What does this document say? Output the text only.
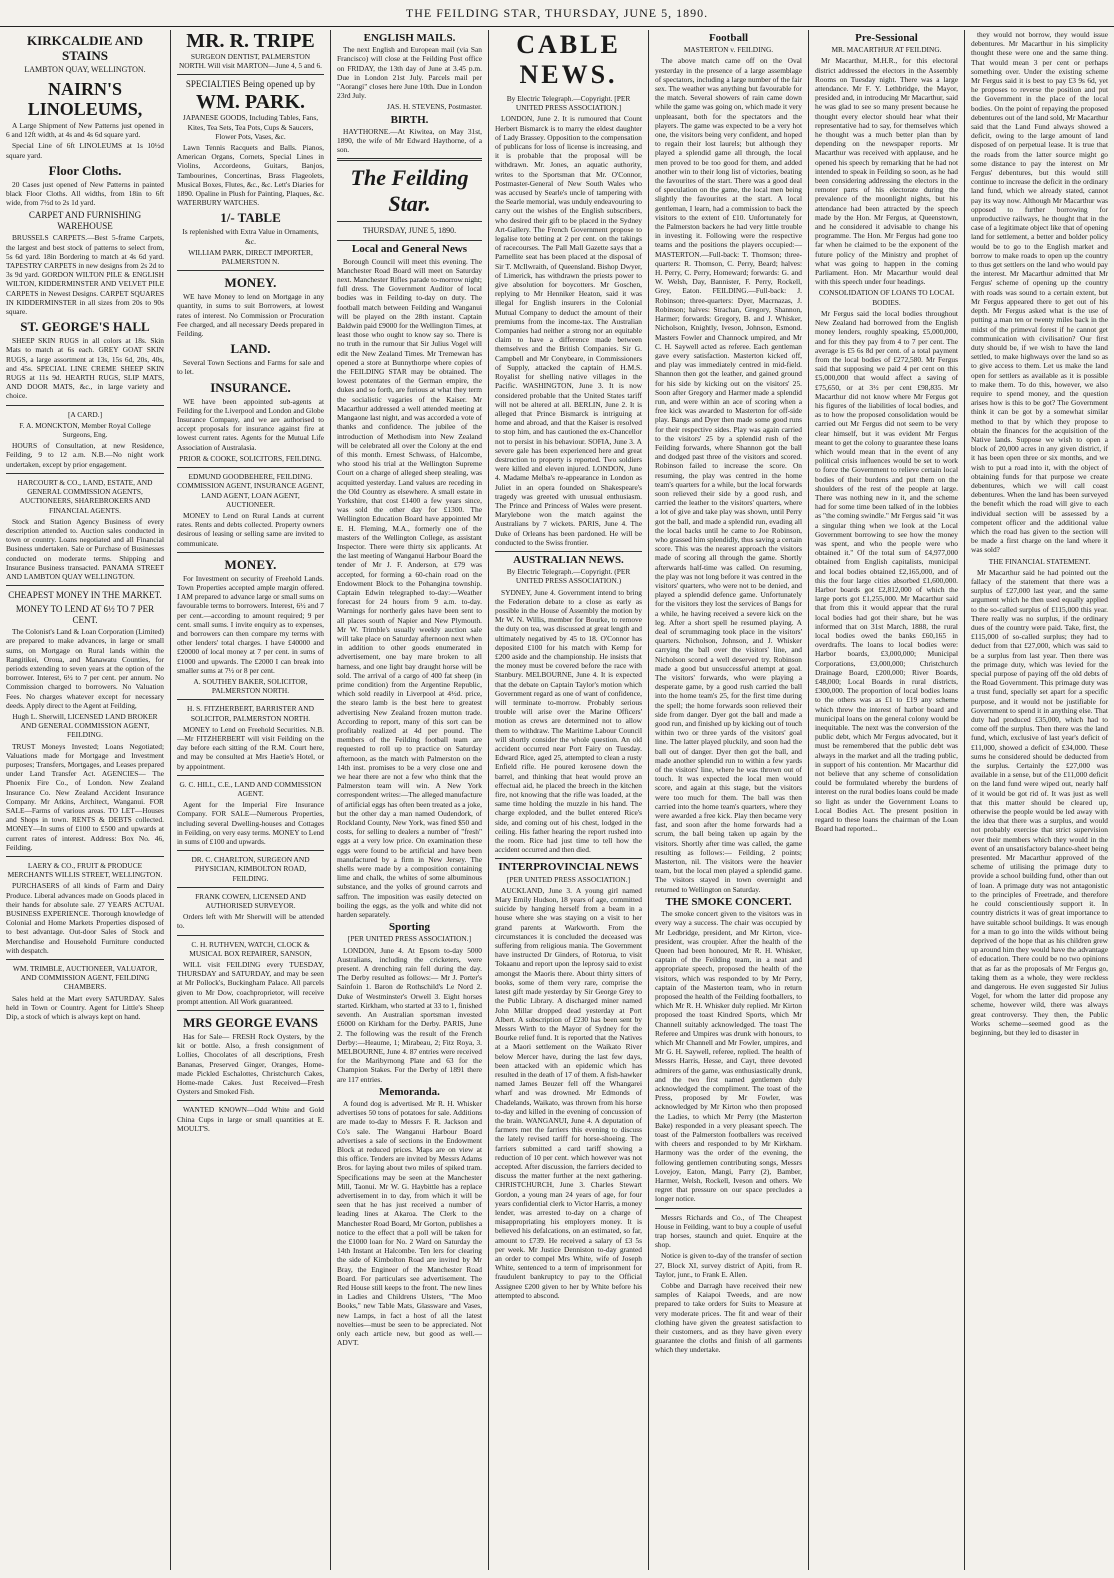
THE FEILDING STAR, THURSDAY, JUNE 5, 1890.
KIRKCALDIE AND STAINS
LAMBTON QUAY, WELLINGTON.
NAIRN'S LINOLEUMS,

A Large Shipment of New Patterns just opened in 6 and 12ft width, at 4s and 4s 6d square yard.

Special Line of 6ft LINOLEUMS at 1s 10½d square yard.

Floor Cloths.

20 Cases just opened of New Patterns in painted black Floor Cloths. All widths, from 18in to 6ft wide, from 7½d to 2s 1d yard.

CARPET AND FURNISHING WAREHOUSE

BRUSSELS CARPETS.—Best 5-frame Carpets, the largest and best stock of patterns to select from, 5s 6d yard. 18in Bordering to match at 4s 6d yard. TAPESTRY CARPETS in new designs from 2s 2d to 3s 9d yard. GORDON WILTON PILE & ENGLISH WILTON, KIDDERMINSTER AND VELVET PILE CARPETS in Newest Designs. CARPET SQUARES IN KIDDERMINSTER in all sizes from 20s to 90s square.

ST. GEORGE'S HALL

SHEEP SKIN RUGS in all colors at 18s. Skin Mats to match at 6s each. GREY GOAT SKIN RUGS, a large assortment at 13s, 15s 6d, 20s, 40s, and 45s. SPECIAL LINE CREME SHEEP SKIN RUGS at 11s 9d. HEARTH RUGS, SLIP MATS, AND DOOR MATS, &c., in large variety and choice.

[A CARD.]

F. A. MONCKTON, Member Royal College Surgeons, Eng.

HOURS of Consultation, at new Residence, Feilding, 9 to 12 a.m. N.B.—No night work undertaken, except by prior engagement.

HARCOURT & CO., LAND, ESTATE, AND GENERAL COMMISSION AGENTS, AUCTIONEERS, SHAREBROKERS AND FINANCIAL AGENTS.

Stock and Station Agency Business of every description attended to. Auction sales conducted in town or country. Loans negotiated and all Financial Business undertaken. Sale or Purchase of Businesses conducted on moderate terms. Shipping and Insurance Business transacted. PANAMA STREET AND LAMBTON QUAY WELLINGTON.

CHEAPEST MONEY IN THE MARKET.
MONEY TO LEND AT 6½ TO 7 PER CENT.

The Colonist's Land & Loan Corporation (Limited) are prepared to make advances, in large or small sums, on Mortgage on Rural lands within the Rangitikei, Oroua, and Manawatu Counties, for periods extending to seven years at the option of the borrower. Interest, 6½ to 7 per cent. per annum. No Commission charged to borrowers. No Valuation Fees. No charges whatever except for necessary deeds. Apply direct to the Agent at Feilding,

Hugh L. Sherwill, LICENSED LAND BROKER AND GENERAL COMMISSION AGENT, FEILDING.

TRUST Moneys Invested; Loans Negotiated; Valuations made for Mortgage and Investment purposes; Transfers, Mortgages, and Leases prepared under Land Transfer Act. AGENCIES— The Phoenix Fire Co., of London. New Zealand Insurance Co. New Zealand Accident Insurance Company. Mr Atkins, Architect, Wanganui. FOR SALE—Farms of various areas. TO LET—Houses and Shops in town. RENTS & DEBTS collected. MONEY—In sums of £100 to £500 and upwards at current rates of interest. Address: Box No. 46, Feilding.

LAERY & CO., FRUIT & PRODUCE MERCHANTS WILLIS STREET, WELLINGTON.

PURCHASERS of all kinds of Farm and Dairy Produce. Liberal advances made on Goods placed in their hands for absolute sale. 27 YEARS ACTUAL BUSINESS EXPERIENCE. Thorough knowledge of Colonial and Home Markets Properties disposed of to best advantage. Out-door Sales of Stock and Merchandise and Household Furniture conducted with despatch.

WM. TRIMBLE, AUCTIONEER, VALUATOR, AND COMMISSION AGENT, FEILDING CHAMBERS.

Sales held at the Mart every SATURDAY. Sales held in Town or Country. Agent for Little's Sheep Dip, a stock of which is always kept on hand.

MR. R. TRIPE

SURGEON DENTIST, PALMERSTON NORTH. Will visit MARTON—June 4, 5 and 6.

SPECIALTIES Being opened up by
WM. PARK.

JAPANESE GOODS, Including Tables, Fans, Kites, Tea Sets, Tea Pots, Cups & Saucers, Flower Pots, Vases, &c.

Lawn Tennis Racquets and Balls. Pianos, American Organs, Cornets, Special Lines in Violins, Accordeons, Guitars, Banjos, Tambourines, Concertinas, Brass Flageolets, Musical Boxes, Flutes, &c., &c. Lett's Diaries for 1890. Opaline in Plush for Painting, Plaques, &c. WATERBURY WATCHES.

1/- TABLE

Is replenished with Extra Value in Ornaments, &c.

WILLIAM PARK, DIRECT IMPORTER, PALMERSTON N.

MONEY.

WE have Money to lend on Mortgage in any quantity, in sums to suit Borrowers, at lowest rates of interest. No Commission or Procuration Fee charged, and all necessary Deeds prepared in Feilding.

LAND.

Several Town Sections and Farms for sale and to let.

INSURANCE.

WE have been appointed sub-agents at Feilding for the Liverpool and London and Globe Insurance Company, and we are authorised to accept proposals for insurance against fire at lowest current rates. Agents for the Mutual Life Association of Australasia.

PRIOR & COOKE, SOLICITORS, FEILDING.

EDMUND GOODBEHERE, FEILDING. COMMISSION AGENT, INSURANCE AGENT, LAND AGENT, LOAN AGENT, AUCTIONEER.

MONEY to Lend on Rural Lands at current rates. Rents and debts collected. Property owners desirous of leasing or selling same are invited to communicate.

MONEY.

For Investment on security of Freehold Lands. Town Properties accepted ample margin offered. I AM prepared to advance large or small sums on favourable terms to borrowers. Interest, 6½ and 7 per cent.—according to amount required; 9 per cent. small sums. I invite enquiry as to expenses, and borrowers can then compare my terms with other lenders' total charges. I have £40000 and £20000 of local money at 7 per cent. in sums of £1000 and upwards. The £2000 I can break into smaller sums at 7½ or 8 per cent.

A. SOUTHEY BAKER, SOLICITOR, PALMERSTON NORTH.

H. S. FITZHERBERT, BARRISTER AND SOLICITOR, PALMERSTON NORTH.

MONEY to Lend on Freehold Securities. N.B.—Mr FITZHERBERT will visit Feilding on the day before each sitting of the R.M. Court here, and may be consulted at Mrs Haetie's Hotel, or by appointment.

G. C. HILL, C.E., LAND AND COMMISSION AGENT.

Agent for the Imperial Fire Insurance Company. FOR SALE—Numerous Properties, including several Dwelling-houses and Cottages in Feilding, on very easy terms. MONEY to Lend in sums of £100 and upwards.

DR. C. CHARLTON, SURGEON AND PHYSICIAN, KIMBOLTON ROAD, FEILDING.

FRANK COWEN, LICENSED AND AUTHORISED SURVEYOR.

Orders left with Mr Sherwill will be attended to.

C. H. RUTHVEN, WATCH, CLOCK & MUSICAL BOX REPAIRER, SANSON,

WILL visit FEILDING every TUESDAY, THURSDAY and SATURDAY, and may be seen at Mr Pollock's, Buckingham Palace. All parcels given to Mr Dow, coachproprietor, will receive prompt attention. All Work guaranteed.

MRS GEORGE EVANS

Has for Sale— FRESH Rock Oysters, by the kit or bottle. Also, a fresh consignment of Lollies, Chocolates of all descriptions, Fresh Bananas, Preserved Ginger, Oranges, Home-made Pickled Eschalottes, Christchurch Cakes, Home-made Cakes. Just Received—Fresh Oysters and Smoked Fish.

WANTED KNOWN—Odd White and Gold China Cups in large or small quantities at E. MOULT'S.

ENGLISH MAILS.

The next English and European mail (via San Francisco) will close at the Feilding Post office on FRIDAY, the 13th day of June at 3.45 p.m. Due in London 21st July. Parcels mail per "Aorangi" closes here June 10th. Due in London 23rd July.

JAS. H. STEVENS, Postmaster.

BIRTH.

HAYTHORNE.—At Kiwitea, on May 31st, 1890, the wife of Mr Edward Haythorne, of a son.

The Feilding Star.
THURSDAY, JUNE 5, 1890.
Local and General News

Borough Council will meet this evening. The Manchester Road Board will meet on Saturday next. Manchester Rifles parade to-morrow night; full dress. The Government Auditor of local bodies was in Feilding to-day on duty. The football match between Feilding and Wanganui will be played on the 28th instant. Captain Baldwin paid £9000 for the Wellington Times, at least those who ought to know say so. There is no truth in the rumour that Sir Julius Vogel will edit the New Zealand Times. Mr Tremewan has opened a store at Bunnythorpe where copies of the FEILDING STAR may be obtained. The lowest potentates of the German empire, the dukes and so forth, are furious at what they term the socialistic vagaries of the Kaiser. Mr Macarthur addressed a well attended meeting at Mangaone last night, and was accorded a vote of thanks and confidence. The jubilee of the introduction of Methodism into New Zealand will be celebrated all over the Colony at the end of this month. Ernest Schwass, of Halcombe, who stood his trial at the Wellington Supreme Court on a charge of alleged sheep stealing, was acquitted yesterday. Land values are receding in the Old Country as elsewhere. A small estate in Yorkshire, that cost £1400 a few years since, was sold the other day for £1300. The Wellington Education Board have appointed Mr E. H. Fleming, M.A., formerly one of the masters of the Wellington College, as assistant Inspector. There were thirty six applicants. At the last meeting of Wanganui Harbour Board the tender of Mr J. F. Anderson, at £79 was accepted, for forming a 60-chain road on the Endowment Block to the Pohangina township. Captain Edwin telegraphed to-day:—Weather forecast for 24 hours from 9 a.m. to-day. Warnings for northerly gales have been sent to all places south of Napier and New Plymouth. Mr W. Trimble's usually weekly auction sale will take place on Saturday afternoon next when in addition to other goods enumerated in advertisement, one bay mare broken to all harness, and one light bay draught horse will be sold. The arrival of a cargo of 400 fat sheep (in prime condition) from the Argentine Republic, which sold readily in Liverpool at 4½d. price, the stearo lamb is the best here to greatest advertising New Zealand frozen mutton trade. According to report, many of this sort can be profitably realized at 4d per pound. The members of the Feilding football team are requested to roll up to practice on Saturday afternoon, as the match with Palmerston on the 14th inst. promises to be a very close one and we hear there are not a few who think that the Palmerston team will win. A New York correspondent writes:—The alleged manufacture of artificial eggs has often been treated as a joke, but the other day a man named Oudendork, of Rockland County, New York, was fined $50 and costs, for selling to dealers a number of "fresh" eggs at a very low price. On examination these eggs were found to be artificial and have been manufactured by a firm in New Jersey. The shells were made by a composition containing lime and chalk, the whites of some albuminous substance, and the yolks of ground carrots and saffron. The imposition was easily detected on boiling the eggs, as the yolk and white did not harden separately.

Sporting

[PER UNITED PRESS ASSOCIATION.]

LONDON, June 4. At Epsom to-day 5000 Australians, including the cricketers, were present. A drenching rain fell during the day. The Derby resulted as follows:— Mr J. Porter's Sainfoin 1. Baron de Rothschild's Le Nord 2. Duke of Westminster's Orwell 3. Eight horses started. Kirkham, who started at 33 to 1, finished seventh. An Australian sportsman invested £6000 on Kirkham for the Derby. PARIS, June 2. The following was the result of the French Derby:—Heaume, 1; Mirabeau, 2; Fitz Roya, 3. MELBOURNE, June 4. 87 entries were received for the Maribyrnong Plate and 63 for the Champion Stakes. For the Derby of 1891 there are 117 entries.

Memoranda.

A found dog is advertised. Mr R. H. Whisker advertises 50 tons of potatoes for sale. Additions are made to-day to Messrs F. R. Jackson and Co's sale. The Wanganui Harbour Board advertises a sale of sections in the Endowment Block at reduced prices. Maps are on view at this office. Tenders are invited by Messrs Adams Bros. for laying about two miles of spiked tram. Specifications may be seen at the Manchester Mill, Taonui. Mr W. G. Haybittle has a replace advertisement in to day, from which it will be seen that he has just received a number of leading lines at Akaroa. The Clerk to the Manchester Road Board, Mr Gorton, publishes a notice to the effect that a poll will be taken for the £1000 loan for No. 2 Ward on Saturday the 14th Instant at Halcombe. Ten lers for clearing the side of Kimbolton Road are invited by Mr Bray, the Engineer of the Manchester Road Board. For particulars see advertisement. The Red House still keeps to the front. The new lines in Ladies and Childrens Ulsters, "The Moo Books," new Table Mats, Glassware and Vases, new Lamps, in fact a host of all the latest novelties—must be seen to be appreciated. Not only each article new, but good as well.—ADVT.

CABLE NEWS.

By Electric Telegraph.—Copyright. [PER UNITED PRESS ASSOCIATION.]

LONDON, June 2. It is rumoured that Count Herbert Bismarck is to marry the eldest daughter of Lady Brassey. Opposition to the compensation of publicans for loss of license is increasing, and it is probable that the proposal will be withdrawn. Mr. Jones, an aquatic authority, writes to the Sportsman that Mr. O'Connor, Postmaster-General of New South Wales who was accused by Searle's uncle of tampering with the Searle memorial, was unduly endeavouring to carry out the wishes of the English subscribers, who desired their gift to be placed in the Sydney Art-Gallery. The French Government propose to legalise tote betting at 2 per cent. on the takings of racecourses. The Pall Mall Gazette says that a Parnellite seat has been placed at the disposal of Sir T. McIlwraith, of Queensland. Bishop Dwyer, of Limerick, has withdrawn the priests power to give absolution for boycotters. Mr Goschen, replying to Mr Henniker Heaton, said it was illegal for English insurers in the Colonial Mutual Company to deduct the amount of their premiums from the income-tax. The Australian Companies had neither a strong nor an equitable claim to have a difference made between themselves and the British Companies. Sir G. Campbell and Mr Conybeare, in Commissioners of Supply, attacked the captain of H.M.S. Royalist for shelling native villages in the Pacific. WASHINGTON, June 3. It is now considered probable that the United States tariff will not be altered at all. BERLIN, June 2. It is alleged that Prince Bismarck is intriguing at home and abroad, and that the Kaiser is resolved to stop him, and has cautioned the ex-Chancellor not to persist in his behaviour. SOFIA, June 3. A severe gale has been experienced here and great destruction to property is reported. Two soldiers were killed and eleven injured. LONDON, June 4. Madame Melba's re-appearance in London as Juliet in an opera founded on Shakespeare's tragedy was greeted with unusual enthusiasm. The Prince and Princess of Wales were present. Marylebone won the match against the Australians by 7 wickets. PARIS, June 4. The Duke of Orleans has been pardoned. He will be conducted to the Swiss frontier.

AUSTRALIAN NEWS.

By Electric Telegraph.—Copyright. (PER UNITED PRESS ASSOCIATION.)

SYDNEY, June 4. Government intend to bring the Federation debate to a close as early as possible in the House of Assembly the motion by Mr W. N. Willis, member for Bourke, to remove the duty on tea, was discussed at great length and ultimately negatived by 45 to 18. O'Connor has deposited £100 for his match with Kemp for £200 aside and the championship. He insists that the money must be covered before the race with Stanbury. MELBOURNE, June 4. It is expected that the debate on Captain Taylor's motion which Government regard as one of want of confidence, will terminate to-morrow. Probably serious trouble will arise over the Marine Officers' motion as crews are determined not to allow them to withdraw. The Maritime Labour Council will shortly consider the whole question. An old accident occurred near Port Fairy on Tuesday. Edward Rice, aged 25, attempted to clean a rusty Enfield rifle. He poured kerosene down the barrel, and thinking that heat would prove an effectual aid, he placed the breech in the kitchen fire, not knowing that the rifle was loaded, at the same time holding the muzzle in his hand. The charge exploded, and the bullet entered Rice's side, and coming out of his chest, lodged in the ceiling. His father hearing the report rushed into the room. Rice had just time to tell how the accident occurred and then died.

INTERPROVINCIAL NEWS

[PER UNITED PRESS ASSOCIATION.]

AUCKLAND, June 3. A young girl named Mary Emily Hudson, 18 years of age, committed suicide by hanging herself from a beam in a house where she was staying on a visit to her grand parents at Warkworth. From the circumstances it is concluded the deceased was suffering from religious mania. The Government have instructed Dr Ginders, of Rotorua, to visit Tokaanu and report upon the leprosy said to exist amongst the Maoris there. About thirty sitters of books, some of them very rare, comprise the latest gift made yesterday by Sir George Grey to the Public Library. A discharged miner named John Millar dropped dead yesterday at Port Albert. A subscription of £230 has been sent by Messrs Wirth to the Mayor of Sydney for the Bourke relief fund. It is reported that the Natives at a Maori settlement on the Waikato River below Mercer have, during the last few days, been attacked with an epidemic which has resulted in the death of 17 of them. A fish-hawker named James Beuzer fell off the Whangarei wharf and was drowned. Mr Edmonds of Chadelands, Waikato, was thrown from his horse to-day and killed in the evening of concussion of the brain. WANGANUI, June 4. A deputation of farmers met the farriers this evening to discuss the lately revised tariff for horse-shoeing. The farriers submitted a card tariff showing a reduction of 10 per cent. which however was not accepted. After discussion, the farriers decided to discuss the matter further at the next gathering. CHRISTCHURCH, June 3. Charles Stewart Gordon, a young man 24 years of age, for four years confidential clerk to Victor Harris, a money lender, was arrested to-day on a charge of misappropriating his employers money. It is believed his defalcations, on an estimated, so far, amount to £739. He received a salary of £3 5s per week. Mr Justice Denniston to-day granted an order to compel Mrs White, wife of Joseph White, sentenced to a term of imprisonment for fraudulent bankruptcy to pay to the Official Assignee £200 given to her by White before his attempted to abscond.

Football

MASTERTON v. FEILDING.

The above match came off on the Oval yesterday in the presence of a large assemblage of spectators, including a large number of the fair sex. The weather was anything but favourable for the match. Several showers of rain came down while the game was going on, which made it very unpleasant, both for the spectators and the players. The game was expected to be a very hot one, the visitors being very confident, and hoped to regain their lost laurels; but although they played a splendid game all through, the local men proved to be too good for them, and added another win to their long list of victories, beating the favourites of the start. There was a good deal of speculation on the game, the local men being slightly the favourites at the start. A local gentleman, I learn, had a commission to back the visitors to the extent of £10. Unfortunately for the Palmerston backers he had very little trouble in investing it. Following were the respective teams and the positions the players occupied:— MASTERTON.—Full-back: T. Thomson; three-quarters: R. Thomson, C. Perry, Beard; halves: H. Perry, C. Perry, Homeward; forwards: G. and W. Welsh, Day, Bannister, F. Perry, Rockell, Grey, Eaton. FEILDING.—Full-back: J. Robinson; three-quarters: Dyer, Macrnazas, J. Robinson; halves: Strachan, Gregory, Shannon, Harmer; forwards: Gregory, B. and J. Whisker, Nicholson, Knightly, Iveson, Johnson, Esmond. Masters Fowler and Channock umpired, and Mr C. H. Saywell acted as referee. Each gentleman gave every satisfaction. Masterton kicked off, and play was immediately centred in mid-field. Shannon then got the leather, and gained ground for his side by kicking out on the visitors' 25. Soon after Gregory and Harmer made a splendid run, and were within an ace of scoring when a free kick was awarded to Masterton for off-side play. Bangs and Dyer then made some good runs for their respective sides. Play was again carried to the visitors' 25 by a splendid rush of the Feilding forwards, where Shannon got the ball and dodged past three of the visitors and scored. Robinson failed to increase the score. On resuming, the play was centred in the home team's quarters for a while, but the local forwards soon relieved their side by a good rush, and carried the leather to the visitors' quarters, where a lot of give and take play was shown, until Perry got the ball, and made a splendid run, evading all the local backs until he came to Joe Robinson, who grassed him splendidly, thus saving a certain score. This was the nearest approach the visitors made of scoring all through the game. Shortly afterwards half-time was called. On resuming, the play was not long before it was centred in the visitors' quarters, who were not to be denied, and played a splendid defence game. Unfortunately for the visitors they lost the services of Bangs for a while, he having received a severe kick on the leg. After a short spell he resumed playing. A deal of scrummaging took place in the visitors' quarters. Nicholson, Johnson, and J. Whisker carrying the ball over the visitors' line, and Nicholson scored a well deserved try. Robinson made a good but unsuccessful attempt at goal. The visitors' forwards, who were playing a desperate game, by a good rush carried the ball into the home team's 25, for the first time during the spell; the home forwards soon relieved their side from danger. Dyer got the ball and made a good run, and finished up by kicking out of touch within two or three yards of the visitors' goal line. The latter played pluckily, and soon had the ball out of danger. Dyer then got the ball, and made another splendid run to within a few yards of the visitors' line, where he was thrown out of touch. It was expected the local men would score, and again at this stage, but the visitors were too much for them. The ball was then carried into the home team's quarters, where they were awarded a free kick. Play then became very fast, and soon after the home forwards had a scrum, the ball being taken up again by the visitors. Shortly after time was called, the game resulting as follows:— Feilding, 2 points; Masterton, nil. The visitors were the heavier team, but the local men played a splendid game. The visitors stayed in town overnight and returned to Wellington on Saturday.

THE SMOKE CONCERT.

The smoke concert given to the visitors was in every way a success. The chair was occupied by Mr Ledbridge, president, and Mr Kirton, vice-president, was croupier. After the health of the Queen had been honoured, Mr R. H. Whisker, captain of the Feilding team, in a neat and appropriate speech, proposed the health of the visitors, which was responded to by Mr Perry, captain of the Masterton team, who in return proposed the health of the Feilding footballers, to which Mr R. H. Whisker duly replied. Mr Kirton proposed the toast Kindred Sports, which Mr Channell suitably acknowledged. The toast The Referee and Umpires was drunk with honours, to which Mr Channell and Mr Fowler, umpires, and Mr G. H. Saywell, referee, replied. The health of Messrs Harris, Hesse, and Cayt, three devoted admirers of the game, was enthusiastically drunk, and the two first named gentlemen duly acknowledged the compliment. The toast of the Press, proposed by Mr Fowler, was acknowledged by Mr Kirton who then proposed the Ladies, to which Mr Perry (the Masterton Bake) responded in a very pleasant speech. The toast of the Palmerston footballers was received with cheers and responded to by Mr Kirkham. Harmony was the order of the evening, the following gentlemen contributing songs, Messrs Lovejoy, Eaton, Mangi, Parry (2), Bamber, Harmer, Welsh, Rockell, Iveson and others. We regret that pressure on our space precludes a longer notice.

Messrs Richards and Co., of The Cheapest House in Feilding, want to buy a couple of useful trap horses, staunch and quiet. Enquire at the shop.

Notice is given to-day of the transfer of section 27, Block XI, survey district of Apiti, from R. Taylor, junr., to Frank E. Allen.

Cobbe and Darragh have received their new samples of Kaiapoi Tweeds, and are now prepared to take orders for Suits to Measure at very moderate prices. The fit and wear of their clothing have given the greatest satisfaction to their customers, and as they have given every guarantee the cloths and finish of all garments which they undertake.

Pre-Sessional

MR. MACARTHUR AT FEILDING.

Mr Macarthur, M.H.R., for this electoral district addressed the electors in the Assembly Rooms on Tuesday night. There was a large attendance. Mr F. Y. Lethbridge, the Mayor, presided and, in introducing Mr Macarthur, said he was glad to see so many present because he thought every elector should hear what their representative had to say, for themselves which he thought was a much better plan than by depending on the newspaper reports. Mr Macarthur was received with applause, and he opened his speech by remarking that he had not intended to speak in Feilding so soon, as he had been considering addressing the electors in the remoter parts of his electorate during the prevalence of the moonlight nights, but his attendance had been attracted by the speech made by the Hon. Mr Fergus, at Queenstown, and he considered it advisable to change his programme. The Hon. Mr Fergus had gone too far when he claimed to be the exponent of the future policy of the Ministry and prophet of what was going to happen in the coming Parliament. Hon. Mr Macarthur would deal with this speech under four headings.

CONSOLIDATION OF LOANS TO LOCAL BODIES.

Mr Fergus said the local bodies throughout New Zealand had borrowed from the English money lenders, roughly speaking, £5,000,000, and for this they pay from 4 to 7 per cent. The average is £5 6s 8d per cent. of a total payment from the local bodies of £272,580. Mr Fergus said that supposing we paid 4 per cent on this £5,000,000 that would affect a saving of £75,650, or at 3½ per cent £98,835. Mr Macarthur did not know where Mr Fergus got his figures of the liabilities of local bodies, and as to how the proposed consolidation would be carried out Mr Fergus did not seem to be very clear himself, but it was evident Mr Fergus meant to get the colony to guarantee these loans which would mean that in the event of any political crisis influences would be set to work to force the Government to relieve certain local bodies of their burdens and put them on the shoulders of the rest of the people at large. There was nothing new in it, and the scheme had for some time been talked of in the lobbies as "the coming swindle." Mr Fergus said "it was a singular thing when we look at the Local Government borrowing to see how the money was spent, and who the people were who obtained it." Of the total sum of £4,977,000 obtained from English capitalists, municipal and local bodies obtained £2,165,000, and of this the four large cities absorbed £1,600,000. Harbor boards got £2,812,000 of which the large ports got £1,255,000. Mr Macarthur said that from this it would appear that the rural local bodies had got their share, but he was informed that on 31st March, 1888, the rural local bodies owed the banks £60,165 in overdrafts. The loans to local bodies were: Harbor boards, £3,000,000; Municipal Corporations, £3,000,000; Christchurch Drainage Board, £200,000; River Boards, £48,000; Local Boards in rural districts, £300,000. The proportion of local bodies loans to the others was as £1 to £19 any scheme which threw the interest of harbor board and municipal loans on the general colony would be inequitable. The next was the conversion of the public debt, which Mr Fergus advocated, but it must be remembered that the public debt was always in the market and all the trading public, in support of his contention. Mr Macarthur did not believe that any scheme of consolidation could be formulated whereby the burdens of interest on the rural bodies loans could be made so light as under the Government Loans to Local Bodies Act. The present position in regard to these loans the chairman of the Loan Board had reported...

they would not borrow, they would issue debentures. Mr Macarthur in his simplicity thought these were one and the same thing. That would mean 3 per cent or perhaps something over. Under the existing scheme Mr Fergus said it is best to pay £3 9s 6d, yet he proposes to reverse the position and put the Government in the place of the local bodies. On the point of repaying the proposed debentures out of the land sold, Mr Macarthur said that the Land Fund always showed a deficit, owing to the large amount of land disposed of on perpetual lease. It is true that the roads from the latter source might go some distance to pay the interest on Mr Fergus' debentures, but this would still continue to increase the deficit in the ordinary land fund, which we already stated, cannot pay its way now. Although Mr Macarthur was opposed to further borrowing for unproductive railways, he thought that in the case of a legitimate object like that of opening land for settlement, a better and bolder policy would be to go to the English market and borrow to make roads to open up the country to thus get settlers on the land who would pay the interest. Mr Macarthur admitted that Mr Fergus' scheme of opening up the country with roads was sound to a certain extent, but Mr Fergus appeared there to get out of his depth. Mr Fergus asked what is the use of putting a man ten or twenty miles back in the midst of the primeval forest if he cannot get communication with civilisation? Our first duty should be, if we wish to have the land settled, to make highways over the land so as to give access to them. Let us make the land open for settlers as available as it is possible to make them. To do this, however, we also require to spend money, and the question arises how is this to be got? The Government think it can be got by a somewhat similar method to that by which they propose to obtain the finances for the acquisition of the Native lands. Suppose we wish to open a block of 20,000 acres in any given district, if it has been open three or six months, and we wish to put a road into it, with the object of obtaining funds for that purpose we create debentures, which we will call coast debentures. When the land has been surveyed the benefit which the road will give to each individual section will be assessed by a competent officer and the additional value which the road has given to the section will be made a first charge on the land where it was sold?

THE FINANCIAL STATEMENT.

Mr Macarthur said he had pointed out the fallacy of the statement that there was a surplus of £27,000 last year, and the same argument which he then used equally applied to the so-called surplus of £115,000 this year. There really was no surplus, if the ordinary dues of the country were paid. Take, first, the £115,000 of so-called surplus; they had to deduct from that £27,000, which was said to be a surplus from last year. Then there was the primage duty, which was levied for the special purpose of paying off the old debts of the Road Government. This primage duty was a trust fund, specially set apart for a specific purpose, and it would not be justifiable for Government to spend it in anything else. That duty had produced £35,000, which had to come off the surplus. Then there was the land fund, which, exclusive of last year's deficit of £11,000, showed a deficit of £34,000. These sums he considered should be deducted from the surplus. Certainly the £27,000 was available in a sense, but of the £11,000 deficit on the land fund were wiped out, nearly half of it would be got rid of. It was just as well that this matter should be cleared up, otherwise the people would be led away with the idea that there was a surplus, and would not probably exercise that strict supervision over their members which they would in the event of an unsatisfactory balance-sheet being presented. Mr Macarthur approved of the scheme of utilising the primage duty to provide a school building fund, other than out of loan. A primage duty was not antagonistic to the principles of Freetrade, and therefore he could conscientiously support it. In country districts it was of great importance to have suitable school buildings. It was enough for a man to go into the wilds without being deprived of the hope that as his children grew up around him they would have the advantage of education. There could be no two opinions that as far as the proposals of Mr Fergus go, taking them as a whole, they were reckless and dangerous. He even suggested Sir Julius Vogel, for whom the latter did propose any scheme, however wild, there was always great controversy. They then, the Public Works scheme—seemed good as the beginning, but they led to disaster in
